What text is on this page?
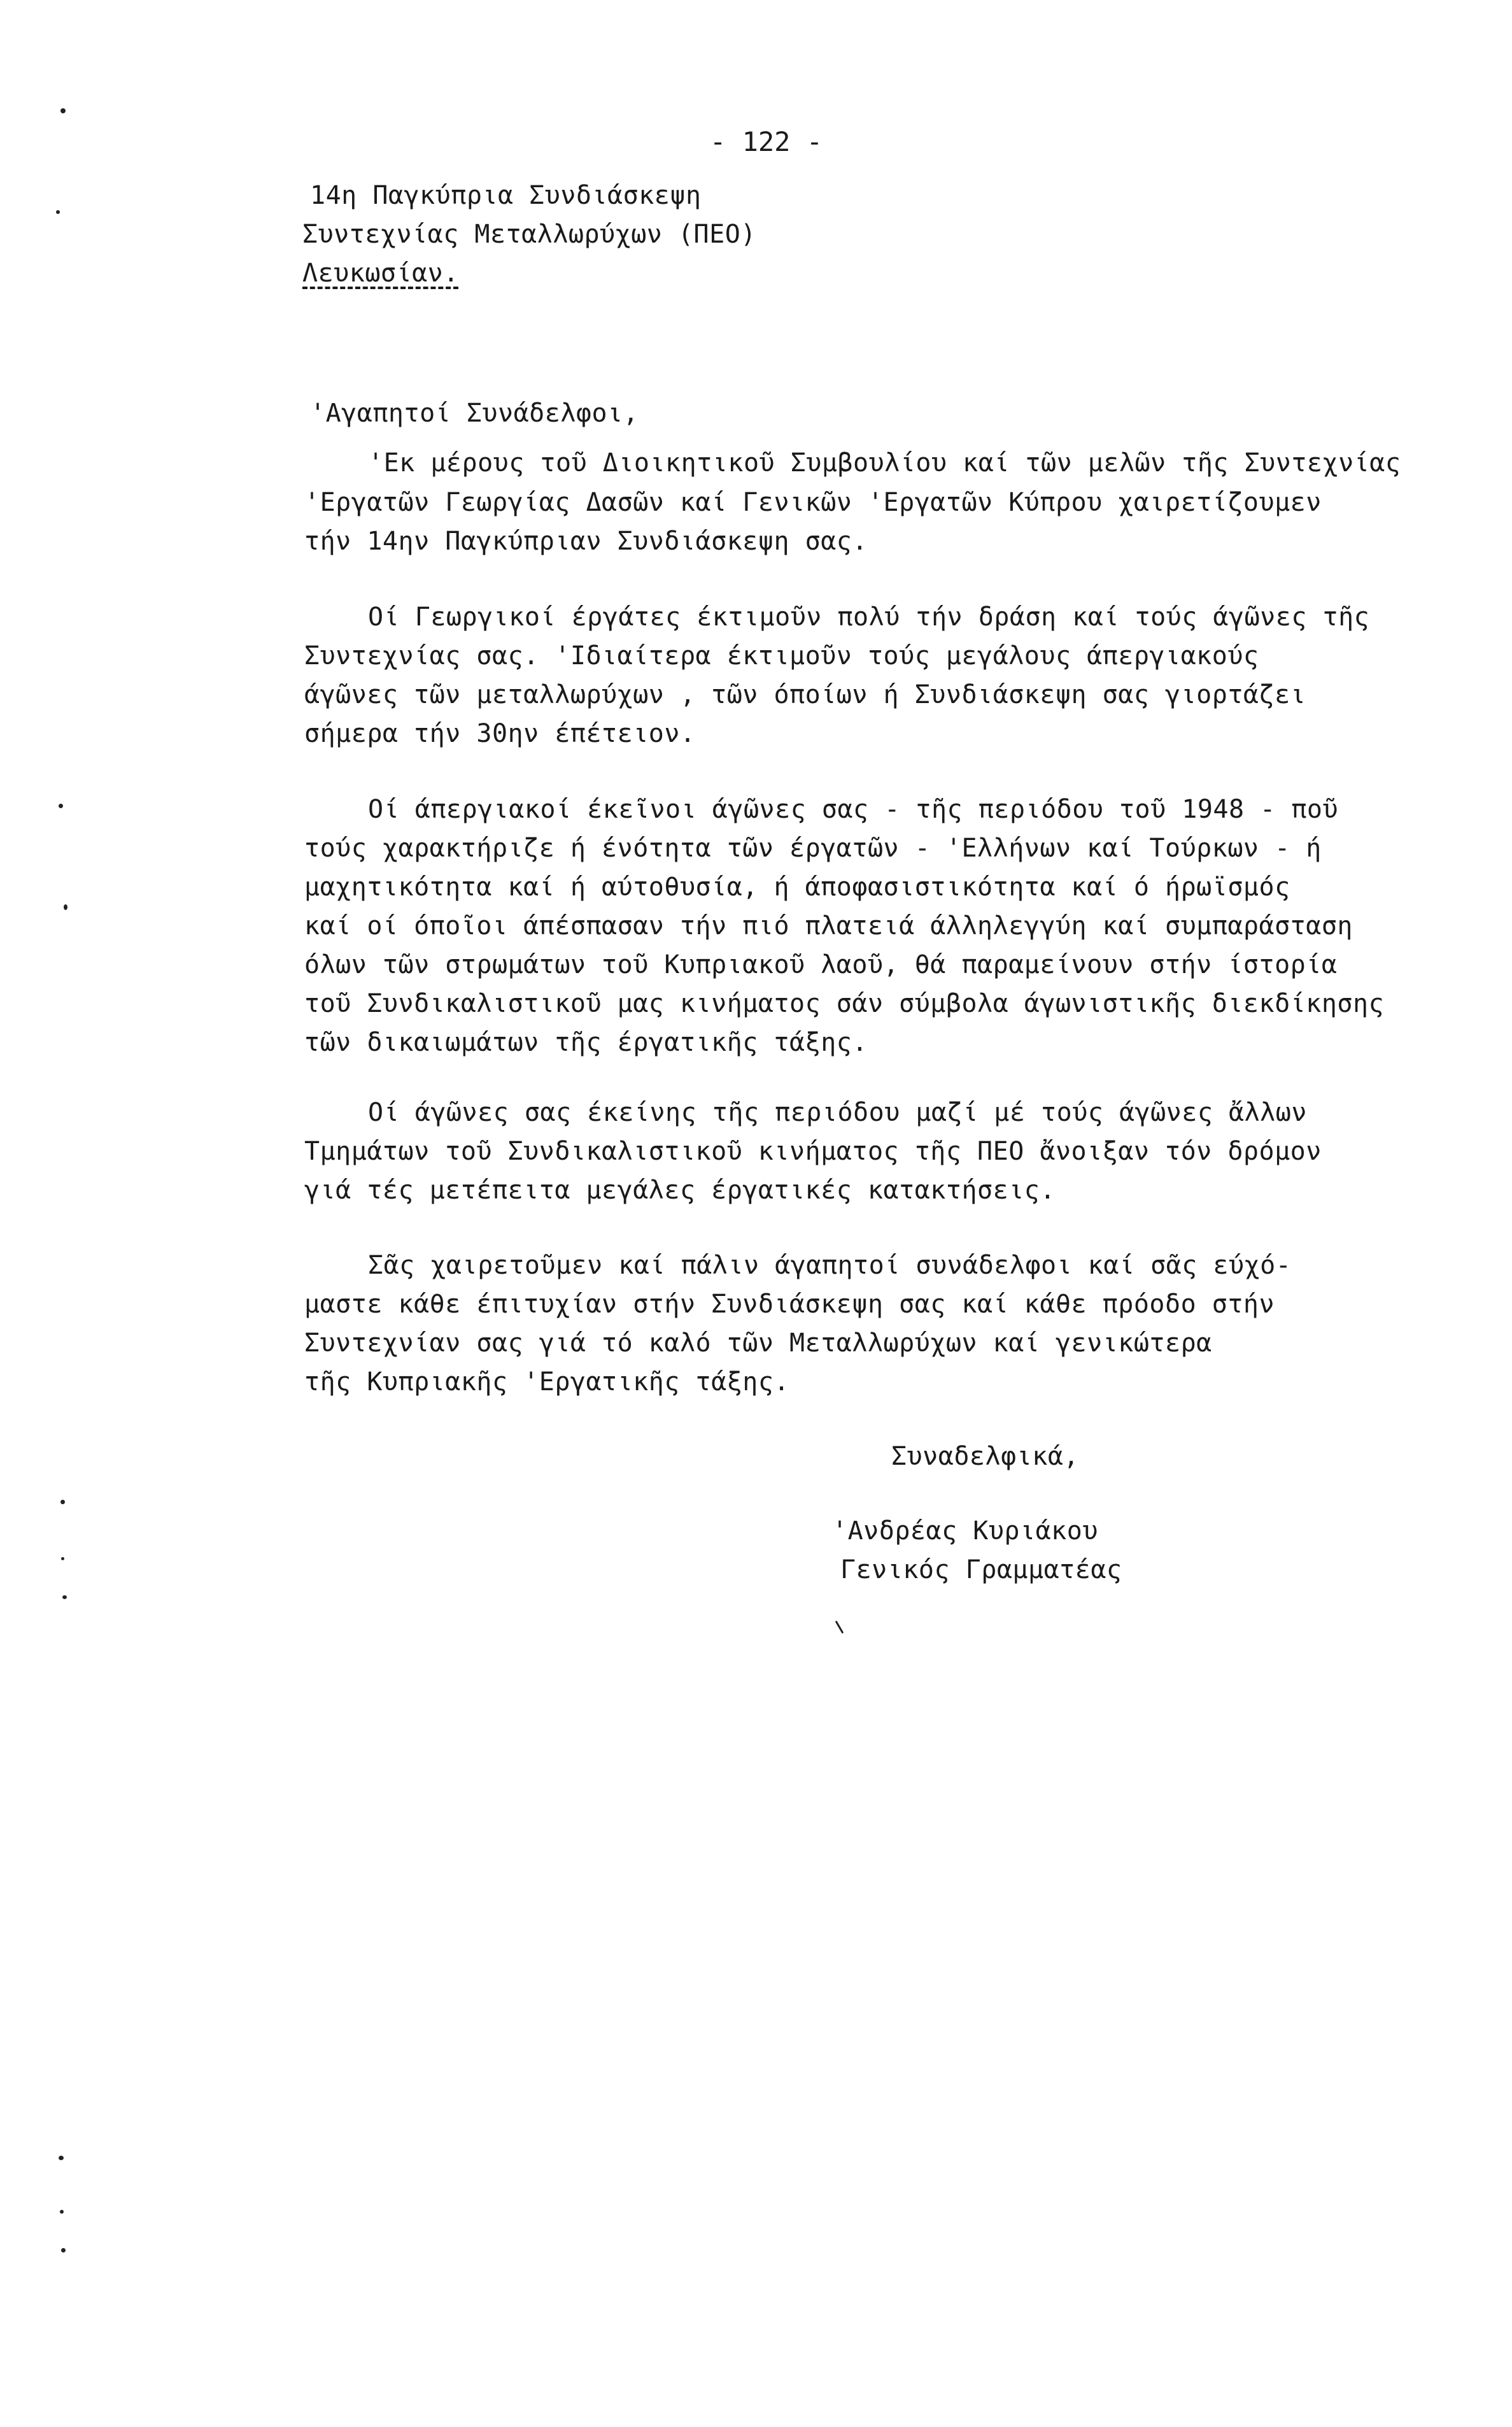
- 122 -
14η Παγκύπρια Συνδιάσκεψη
Συντεχνίας Μεταλλωρύχων (ΠΕΟ)
Λευκωσίαν.
'Αγαπητοί Συνάδελφοι,
'Εκ μέρους τοῦ Διοικητικοῦ Συμβουλίου καί τῶν μελῶν τῆς Συντεχνίας
'Εργατῶν Γεωργίας Δασῶν καί Γενικῶν 'Εργατῶν Κύπρου χαιρετίζουμεν
τήν 14ην Παγκύπριαν Συνδιάσκεψη σας.
Οί Γεωργικοί έργάτες έκτιμοῦν πολύ τήν δράση καί τούς άγῶνες τῆς
Συντεχνίας σας. 'Ιδιαίτερα έκτιμοῦν τούς μεγάλους άπεργιακούς
άγῶνες τῶν μεταλλωρύχων , τῶν όποίων ή Συνδιάσκεψη σας γιορτάζει
σήμερα τήν 30ην έπέτειον.
Οί άπεργιακοί έκεῖνοι άγῶνες σας - τῆς περιόδου τοῦ 1948 - ποῦ
τούς χαρακτήριζε ή ένότητα τῶν έργατῶν - 'Ελλήνων καί Τούρκων - ή
μαχητικότητα καί ή αύτοθυσία, ή άποφασιστικότητα καί ό ήρωϊσμός
καί οί όποῖοι άπέσπασαν τήν πιό πλατειά άλληλεγγύη καί συμπαράσταση
όλων τῶν στρωμάτων τοῦ Κυπριακοῦ λαοῦ, θά παραμείνουν στήν ίστορία
τοῦ Συνδικαλιστικοῦ μας κινήματος σάν σύμβολα άγωνιστικῆς διεκδίκησης
τῶν δικαιωμάτων τῆς έργατικῆς τάξης.
Οί άγῶνες σας έκείνης τῆς περιόδου μαζί μέ τούς άγῶνες ἄλλων
Τμημάτων τοῦ Συνδικαλιστικοῦ κινήματος τῆς ΠΕΟ ἄνοιξαν τόν δρόμον
γιά τές μετέπειτα μεγάλες έργατικές κατακτήσεις.
Σᾶς χαιρετοῦμεν καί πάλιν άγαπητοί συνάδελφοι καί σᾶς εύχό-
μαστε κάθε έπιτυχίαν στήν Συνδιάσκεψη σας καί κάθε πρόοδο στήν
Συντεχνίαν σας γιά τό καλό τῶν Μεταλλωρύχων καί γενικώτερα
τῆς Κυπριακῆς 'Εργατικῆς τάξης.
Συναδελφικά,
'Ανδρέας Κυριάκου
Γενικός Γραμματέας
